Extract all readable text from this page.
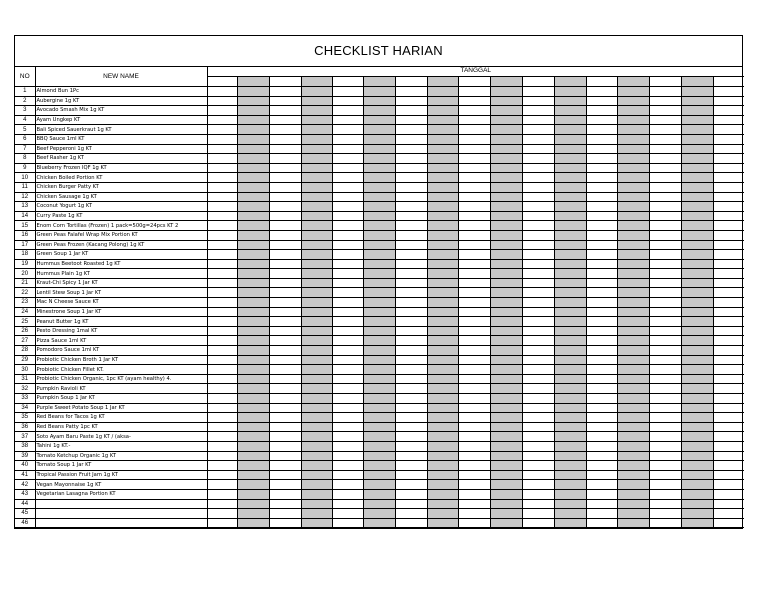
CHECKLIST HARIAN
NO	NEW NAME	TANGGAL																

1	Almond Bun 1Pc																	
2	Aubergine 1g KT																	
3	Avocado Smash Mix 1g KT																	
4	Ayam Ungkep KT																	
5	Bali Spiced Sauerkraut 1g KT																	
6	BBQ Sauce 1ml KT																	
7	Beef Pepperoni 1g KT																	
8	Beef Rasher 1g KT																	
9	Blueberry Frozen IQF 1g KT																	
10	Chicken Boiled Portion KT																	
11	Chicken Burger Patty KT																	
12	Chicken Sausage 1g KT																	
13	Coconut Yogurt 1g KT																	
14	Curry Paste 1g KT																	
15	Enom Corn Tortillas (Frozen) 1 pack=500g=24pcs KT 2																	
16	Green Peas Falafel Wrap Mix Portion KT																	
17	Green Peas Frozen (Kacang Polong) 1g KT																	
18	Green Soup 1 Jar KT																	
19	Hummus Beetoot Roasted 1g KT																	
20	Hummus Plain 1g KT																	
21	Kraut-Chi Spicy 1 Jar KT																	
22	Lentil Stew Soup 1 Jar KT																	
23	Mac N Cheese Sauce KT																	
24	Minestrone Soup 1 Jar KT																	
25	Peanut Butter 1g KT																	
26	Pesto Dressing 1mal KT																	
27	Pizza Sauce 1ml KT																	
28	Pomodoro Sauce 1ml KT																	
29	Probiotic Chicken Broth 1 Jar KT																	
30	Probiotic Chicken Fillet KT.																	
31	Probiotic Chicken Organic, 1pc KT (ayam healthy) 4.																	
32	Pumpkin Ravioli KT																	
33	Pumpkin Soup 1 Jar KT																	
34	Purple Sweet Potato Soup 1 Jar KT																	
35	Red Beans for Tacos 1g KT																	
36	Red Beans Patty 1pc KT																	
37	Soto Ayam Baru Paste 1g KT / (aksa-																	
38	Tahini 1g KT.-																	
39	Tomato Ketchup Organic 1g KT																	
40	Tomato Soup 1 Jar KT																	
41	Tropical Passion Fruit Jam 1g KT																	
42	Vegan Mayonnaise 1g KT																	
43	Vegetarian Lasagna Portion KT																	
44																		
45																		
46																		
